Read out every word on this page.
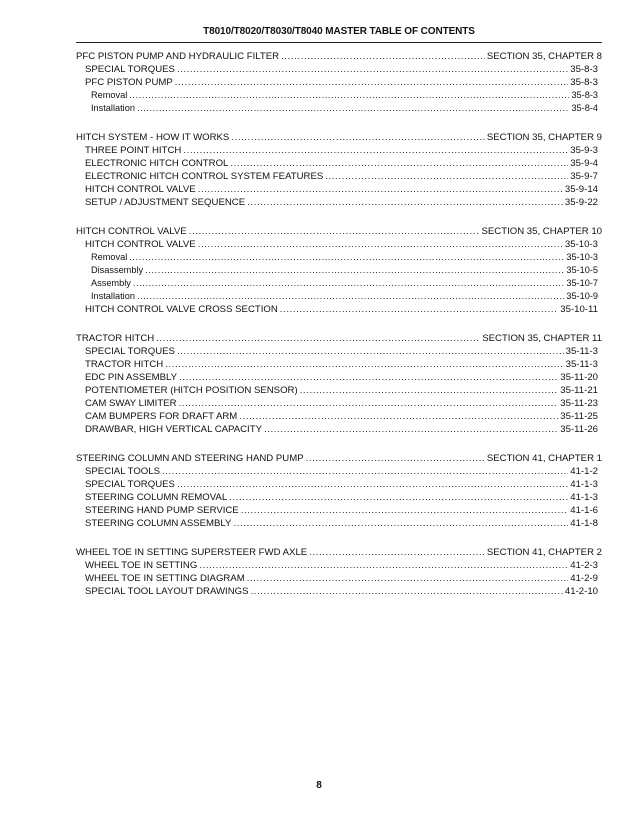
T8010/T8020/T8030/T8040 MASTER TABLE OF CONTENTS
PFC PISTON PUMP AND HYDRAULIC FILTER .....	SECTION 35, CHAPTER 8
SPECIAL TORQUES .....	35-8-3
PFC PISTON PUMP .....	35-8-3
Removal .....	35-8-3
Installation .....	35-8-4
HITCH SYSTEM - HOW IT WORKS .....	SECTION 35, CHAPTER 9
THREE POINT HITCH .....	35-9-3
ELECTRONIC HITCH CONTROL .....	35-9-4
ELECTRONIC HITCH CONTROL SYSTEM FEATURES .....	35-9-7
HITCH CONTROL VALVE .....	35-9-14
SETUP / ADJUSTMENT SEQUENCE .....	35-9-22
HITCH CONTROL VALVE .....	SECTION 35, CHAPTER 10
HITCH CONTROL VALVE .....	35-10-3
Removal .....	35-10-3
Disassembly .....	35-10-5
Assembly .....	35-10-7
Installation .....	35-10-9
HITCH CONTROL VALVE CROSS SECTION .....	35-10-11
TRACTOR HITCH .....	SECTION 35, CHAPTER 11
SPECIAL TORQUES .....	35-11-3
TRACTOR HITCH .....	35-11-3
EDC PIN ASSEMBLY .....	35-11-20
POTENTIOMETER (HITCH POSITION SENSOR) .....	35-11-21
CAM SWAY LIMITER .....	35-11-23
CAM BUMPERS FOR DRAFT ARM .....	35-11-25
DRAWBAR, HIGH VERTICAL CAPACITY .....	35-11-26
STEERING COLUMN AND STEERING HAND PUMP .....	SECTION 41, CHAPTER 1
SPECIAL TOOLS .....	41-1-2
SPECIAL TORQUES .....	41-1-3
STEERING COLUMN REMOVAL .....	41-1-3
STEERING HAND PUMP SERVICE .....	41-1-6
STEERING COLUMN ASSEMBLY .....	41-1-8
WHEEL TOE IN SETTING SUPERSTEER FWD AXLE .....	SECTION 41, CHAPTER 2
WHEEL TOE IN SETTING .....	41-2-3
WHEEL TOE IN SETTING DIAGRAM .....	41-2-9
SPECIAL TOOL LAYOUT DRAWINGS .....	41-2-10
8
